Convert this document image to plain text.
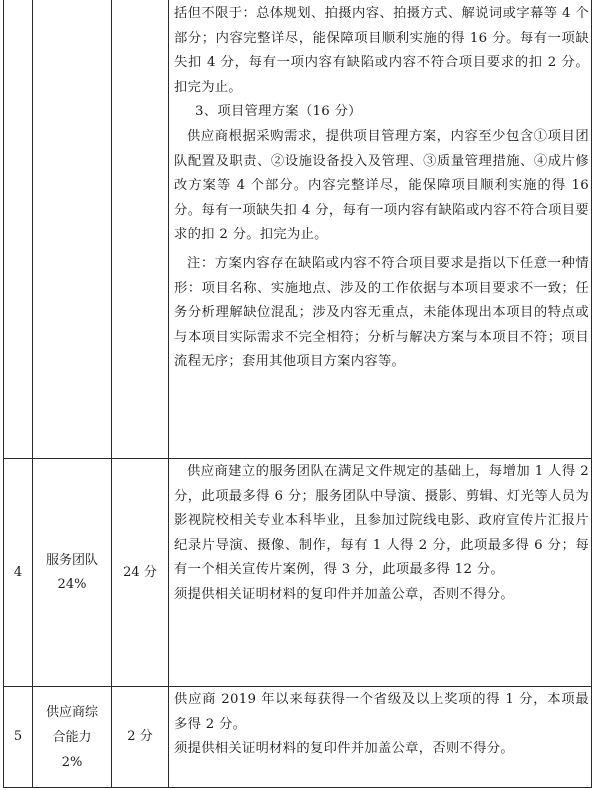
括但不限于：总体规划、拍摄内容、拍摄方式、解说词或字幕等 4 个部分；内容完整详尽，能保障项目顺利实施的得 16 分。每有一项缺失扣 4 分，每有一项内容有缺陷或内容不符合项目要求的扣 2 分。扣完为止。

3、项目管理方案（16 分）

供应商根据采购需求，提供项目管理方案，内容至少包含①项目团队配置及职责、②设施设备投入及管理、③质量管理措施、④成片修改方案等 4 个部分。内容完整详尽，能保障项目顺利实施的得 16 分。每有一项缺失扣 4 分，每有一项内容有缺陷或内容不符合项目要求的扣 2 分。扣完为止。

注：方案内容存在缺陷或内容不符合项目要求是指以下任意一种情形：项目名称、实施地点、涉及的工作依据与本项目要求不一致；任务分析理解缺位混乱；涉及内容无重点，未能体现出本项目的特点或与本项目实际需求不完全相符；分析与解决方案与本项目不符；项目流程无序；套用其他项目方案内容等。

4
服务团队
24%
24 分

供应商建立的服务团队在满足文件规定的基础上，每增加 1 人得 2 分，此项最多得 6 分；服务团队中导演、摄影、剪辑、灯光等人员为影视院校相关专业本科毕业，且参加过院线电影、政府宣传片汇报片纪录片导演、摄像、制作，每有 1 人得 2 分，此项最多得 6 分；每有一个相关宣传片案例，得 3 分，此项最多得 12 分。

须提供相关证明材料的复印件并加盖公章，否则不得分。

5
供应商综
合能力
2%
2 分

供应商 2019 年以来每获得一个省级及以上奖项的得 1 分，本项最多得 2 分。

须提供相关证明材料的复印件并加盖公章，否则不得分。
